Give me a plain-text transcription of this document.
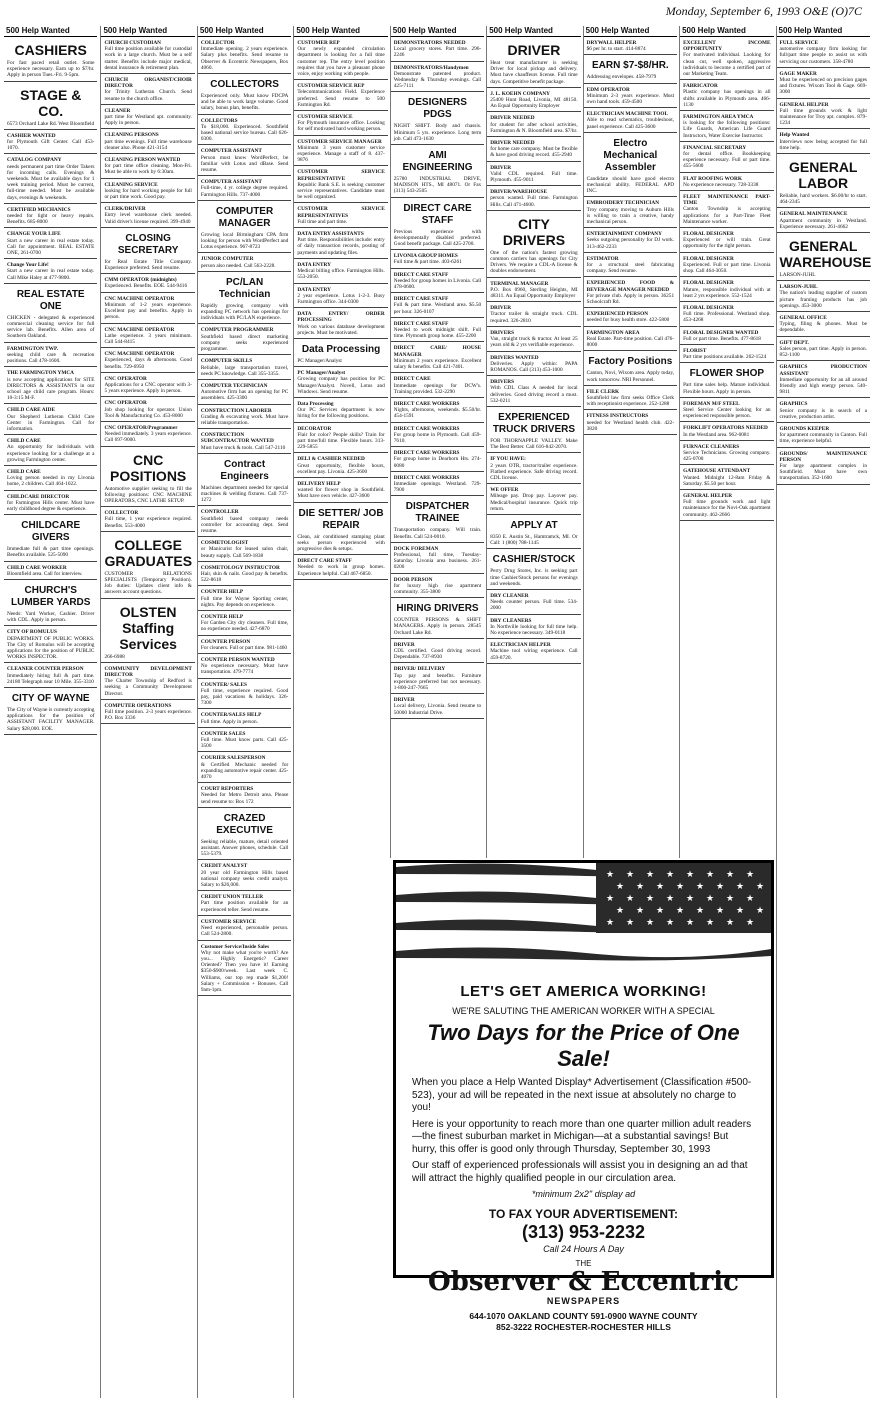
Monday, September 6, 1993 O&E (O)7C
500 Help Wanted
CASHIERS
For fast paced retail outlet. Some experience necessary. Earn up to $7/hr. Apply in person Tues.-Fri. 9-5pm.
STAGE & CO.
6573 Orchard Lake Rd. West Bloomfield
CASHIER WANTED
for Plymouth Gift Center. Call 453-1070.
CATALOG COMPANY
needs permanent part time Order Takers for incoming calls. Evenings & weekends. Must be available days for 1 week training period. Must be current, full-time needed. Must be available days, evenings & weekends.
CERTIFIED MECHANICS
needed for light or heavy repairs. Benefits. 685-8000
CHANGE YOUR LIFE
Start a new career in real estate today. Call for appointment. REAL ESTATE ONE, 261-0700
Change Your Life!
Start a new career in real estate today. Call Mike Haley at 477-9800.
REAL ESTATE ONE
CHICKEN - delegated & experienced commercial cleaning service for full service lab. Benefits. Allen area of Southern Oakland.
FARMINGTON TWP.
seeking child care & recreation positions. Call 478-1600.
THE FARMINGTON YMCA
is now accepting applications for SITE DIRECTORS & ASSISTANTS in our school age child care program. Hours: 10-3:15 M-F.
CHILD CARE AIDE
Our Shepherd Lutheran Child Care Center in Farmington. Call for information.
CHILD CARE
An opportunity for individuals with experience looking for a challenge at a growing Farmington center.
CHILD CARE
Loving person needed in my Livonia home, 2 children. Call 464-1022.
CHILDCARE DIRECTOR
for Farmington Hills center. Must have early childhood degree & experience.
CHILDCARE GIVERS
Immediate full & part time openings. Benefits available. 525-5090
CHILD CARE WORKER
Bloomfield area. Call for interview.
CHURCH'S LUMBER YARDS
Needs: Yard Worker, Cashier. Driver with CDL. Apply in person.
CITY OF ROMULUS
DEPARTMENT OF PUBLIC WORKS. The City of Romulus will be accepting applications for the position of PUBLIC WORKS INSPECTOR.
CLEANER COUNTER PERSON
Immediately hiring full & part time. 24180 Telegraph near 10 Mile. 355-3310
CITY OF WAYNE
The City of Wayne is currently accepting applications for the position of ASSISTANT FACILITY MANAGER. Salary $28,000. EOE.
500 Help Wanted
CHURCH CUSTODIAN
Full time position available for custodial work in a large church. Must be a self starter. Benefits include major medical, dental insurance & retirement plan.
CHURCH ORGANIST/CHOIR DIRECTOR
for Trinity Lutheran Church. Send resume to the church office.
CLEANER
part time for Westland apt. community. Apply in person.
CLEANING PERSONS
part time evenings. Full time warehouse cleaner also. Phone 421-3154
CLEANING PERSON WANTED
for part time office cleaning. Mon-Fri. Must be able to work by 6:30am.
CLEANING SERVICE
looking for hard working people for full or part time work. Good pay.
CLERK/DRIVER
Entry level warehouse clerk needed. Valid driver's license required. 399-4940
CLOSING SECRETARY
for Real Estate Title Company. Experience preferred. Send resume.
CMM OPERATOR (midnights)
Experienced. Benefits. EOE. 544-9416
CNC MACHINE OPERATOR
Minimum of 1-2 years experience. Excellent pay and benefits. Apply in person.
CNC MACHINE OPERATOR
Lathe experience. 3 years minimum. Call 544-8415
CNC MACHINE OPERATOR
Experienced, days & afternoons. Good benefits. 729-6950
CNC OPERATOR
Applications for a CNC operator with 3-5 years experience. Apply in person.
CNC OPERATOR
Job shop looking for operator. Union Tool & Manufacturing Co. 453-8000
CNC OPERATOR/Programmer
Needed immediately. 3 years experience. Call 697-9000.
CNC POSITIONS
Automotive supplier seeking to fill the following positions: CNC MACHINE OPERATORS, CNC LATHE SETUP.
COLLECTOR
Full time, 1 year experience required. Benefits. 553-4000
COLLEGE GRADUATES
CUSTOMER RELATIONS SPECIALISTS (Temporary Position). Job duties: Updates client info & answers account questions.
OLSTEN Staffing Services
266-6988
COMMUNITY DEVELOPMENT DIRECTOR
The Charter Township of Redford is seeking a Community Development Director.
COMPUTER OPERATIONS
Full time position. 2-3 years experience. P.O. Box 3336
500 Help Wanted
COLLECTOR
Immediate opening. 2 years experience. Salary plus benefits. Send resume to Observer & Eccentric Newspapers, Box 4060.
COLLECTORS
Experienced only. Must know FDCPA and be able to work large volume. Good salary, bonus plan, benefits.
COLLECTORS
To $18,000. Experienced. Southfield based national service bureau. Call 626-0300.
COMPUTER ASSISTANT
Person must know WordPerfect, be familiar with Lotus and dBase. Send resume.
COMPUTER ASSISTANT
Full-time, 4 yr. college degree required. Farmington Hills. 737-4000
COMPUTER MANAGER
Growing local Birmingham CPA firm looking for person with WordPerfect and Lotus experience. 967-8723
JUNIOR COMPUTER
person also needed. Call 563-2228.
PC/LAN Technician
Rapidly growing company with expanding PC network has openings for individuals with PC/LAN experience.
COMPUTER PROGRAMMER
Southfield based direct marketing company seeks experienced programmer.
COMPUTER SKILLS
Reliable, large transportation travel, needs PC knowledge. Call 355-3355.
COMPUTER TECHNICIAN
Automotive firm has an opening for PC assemblers. 425-3300
CONSTRUCTION LABORER
Grading & excavating work. Must have reliable transportation.
CONSTRUCTION SUBCONTRACTOR WANTED
Must have truck & tools. Call 547-2110
Contract Engineers
Machines department needed for special machines & welding fixtures. Call 737-1272
CONTROLLER
Southfield based company needs controller for accounting dept. Send resume.
COSMETOLOGIST
or Manicurist for leased salon chair, beauty supply. Call 569-1838
COSMETOLOGY INSTRUCTOR
Hair, skin & nails. Good pay & benefits. 522-8618
COUNTER HELP
Full time for Wayne Sporting center, nights. Pay depends on experience.
COUNTER HELP
For Garden City dry cleaners. Full time, no experience needed. 427-6870
COUNTER PERSON
For cleaners. Full or part time. 981-1460
COUNTER PERSON WANTED
No experience necessary. Must have transportation. 479-7774
COUNTER/ SALES
Full time, experience required. Good pay, paid vacations & holidays. 326-7300
COUNTER/SALES HELP
Full time. Apply in person.
COUNTER SALES
Full time. Must know parts. Call 425-3500
COURIER SALESPERSON
& Certified Mechanic needed for expanding automotive repair center. 425-4070
COURT REPORTERS
Needed for Metro Detroit area. Please send resume to: Box 172
CRAZED EXECUTIVE
Seeking reliable, mature, detail oriented assistant. Answer phones, schedule. Call 553-5379.
CREDIT ANALYST
20 year old Farmington Hills based national company seeks credit analyst. Salary to $26,000.
CREDIT UNION TELLER
Part time position available for an experienced teller. Send resume.
CUSTOMER SERVICE
Need experienced, personable person. Call 524-2800.
Customer Service/Inside Sales
Why not make what you're worth? Are you... Highly Energetic? Career Oriented? Then you have it! Earning $350-$900/week. Last week C. Williams, our top rep made $1,200! Salary + Commission + Bonuses. Call 9am-1pm.
500 Help Wanted
CUSTOMER REP
Our newly expanded circulation department is looking for a full time customer rep. The entry level position requires that you have a pleasant phone voice, enjoy working with people.
CUSTOMER SERVICE REP
Telecommunications Field. Experience preferred. Send resume to 500 Farmington Rd.
CUSTOMER SERVICE
For Plymouth insurance office. Looking for self motivated hard working person.
CUSTOMER SERVICE MANAGER
Minimum 3 years customer service experience. Manage a staff of 8. 437-9876
CUSTOMER SERVICE REPRESENTATIVE
Republic Bank S.E. is seeking customer service representatives. Candidate must be well organized.
CUSTOMER SERVICE REPRESENTATIVES
Full time and part time.
DATA ENTRY ASSISTANTS
Part time. Responsibilities include: entry of daily transaction records, posting of payments and updating files.
DATA ENTRY
Medical billing office. Farmington Hills. 553-2050.
DATA ENTRY
2 year experience. Lotus 1-2-3. Busy Farmington office. 344-0300
DATA ENTRY/ ORDER PROCESSING
Work on various database development projects. Must be motivated.
Data Processing
PC Manager/Analyst
PC Manager/Analyst
Growing company has position for PC Manager/Analyst. Novell, Lotus and Windows. Send resume.
Data Processing
Our PC Services department is now hiring for the following positions.
DECORATOR
Flair for color? People skills? Train for part time/full time. Flexible hours. 313-229-5855
DELI & CASHIER NEEDED
Great opportunity, flexible hours, excellent pay. Livonia. 425-3600
DELIVERY HELP
wanted for flower shop in Southfield. Must have own vehicle. 427-3600
DIE SETTER/ JOB REPAIR
Clean, air conditioned stamping plant seeks person experienced with progressive dies & setups.
DIRECT CARE STAFF
Needed to work in group homes. Experience helpful. Call 467-6850.
500 Help Wanted
DEMONSTRATORS NEEDED
Local grocery stores. Part time. 296-2246
DEMONSTRATORS/Handymen
Demonstrate patented product. Wednesday & Thursday evenings. Call 425-7111
DESIGNERS PDGS
NIGHT SHIFT. Body and chassis. Minimum 5 yrs. experience. Long term job. Call 473-1630
AMI ENGINEERING
25780 INDUSTRIAL DRIVE, MADISON HTS., MI 48071. Or Fax (313) 543-2505
DIRECT CARE STAFF
Previous experience with developmentally disabled preferred. Good benefit package. Call 425-2700.
LIVONIA GROUP HOMES
Full time & part time. 403-6261
DIRECT CARE STAFF
Needed for group homes in Livonia. Call 478-0600.
DIRECT CARE STAFF
Full & part time. Westland area. $5.50 per hour. 326-0107
DIRECT CARE STAFF
Needed to work midnight shift. Full time. Plymouth group home. 455-2200
DIRECT CARE/ HOUSE MANAGER
Minimum 2 years experience. Excellent salary & benefits. Call 421-7401.
DIRECT CARE
Immediate openings for DCW's. Training provided. 532-2290
DIRECT CARE WORKERS
Nights, afternoons, weekends. $5.50/hr. 454-1591
DIRECT CARE WORKERS
For group home in Plymouth. Call 459-7610.
DIRECT CARE WORKERS
For group home in Dearborn Hts. 274-0080
DIRECT CARE WORKERS
Immediate openings. Westland. 729-7900
DISPATCHER TRAINEE
Transportation company. Will train. Benefits. Call 524-0010.
DOCK FOREMAN
Professional, full time, Tuesday-Saturday. Livonia area business. 261-0200
DOOR PERSON
for luxury high rise apartment community. 355-3800
HIRING DRIVERS
COUNTER PERSONS & SHIFT MANAGERS. Apply in person. 28545 Orchard Lake Rd.
DRIVER
CDL certified. Good driving record. Dependable. 737-8930
DRIVER/ DELIVERY
Top pay and benefits. Furniture experience preferred but not necessary. 1-800-247-7665
DRIVER
Local delivery, Livonia. Send resume to 50000 Industrial Drive.
500 Help Wanted
DRIVER
Heat treat manufacturer is seeking Driver for local pickup and delivery. Must have chauffeurs license. Full time days. Competitive benefit package.
J. L. KOEHN COMPANY
25400 Hunt Road, Livonia, MI 48150. An Equal Opportunity Employer
DRIVER NEEDED
for student for after school activities, Farmington & N. Bloomfield area. $7/hr.
DRIVER NEEDED
for home care company. Must be flexible & have good driving record. 455-2940
DRIVER
Valid CDL required. Full time. Plymouth. 455-9011
DRIVER/WAREHOUSE
person wanted. Full time. Farmington Hills. Call 471-4600.
CITY DRIVERS
One of the nation's fastest growing common carriers has openings for City Drivers. We require a CDL-A license & doubles endorsement.
TERMINAL MANAGER
P.O. Box 0960, Sterling Heights, MI 48311. An Equal Opportunity Employer
DRIVER
Tractor trailer & straight truck. CDL required. 326-2810
DRIVERS
Van, straight truck & tractor. At least 25 years old & 2 yrs verifiable experience.
DRIVERS WANTED
Deliveries. Apply within: PAPA ROMANOS. Call (313) 453-1000
DRIVERS
With CDL Class A needed for local deliveries. Good driving record a must. 532-0211
EXPERIENCED TRUCK DRIVERS
FOR THORNAPPLE VALLEY. Make The Best Better. Call 616-842-2070.
IF YOU HAVE:
2 years OTR, tractor/trailer experience. Flatbed experience. Safe driving record. CDL license.
WE OFFER
Mileage pay. Drop pay. Layover pay. Medical/hospital insurance. Quick trip return.
APPLY AT
8350 E. Austin St., Hamtramck, MI. Or Call: 1 (800) 788-1145
CASHIER/STOCK
Perry Drug Stores, Inc. is seeking part time Cashier/Stock persons for evenings and weekends.
DRY CLEANER
Needs counter person. Full time. 534-2000
DRY CLEANERS
In Northville looking for full time help. No experience necessary. 349-0118
ELECTRICIAN HELPER
Machine tool wiring experience. Call 459-8720.
500 Help Wanted
DRYWALL HELPER
$6 per hr. to start. 414-8874
EARN $7-$8/HR.
Addressing envelopes. 458-7979
EDM OPERATOR
Minimum 2-3 years experience. Must own hand tools. 459-4500
ELECTRICIAN MACHINE TOOL
Able to read schematics, troubleshoot, panel experience. Call 425-3600
Electro Mechanical Assembler
Candidate should have good electro mechanical ability. FEDERAL APD INC.
EMBROIDERY TECHNICIAN
Troy company moving to Auburn Hills is willing to train a creative, handy mechanical person.
ENTERTAINMENT COMPANY
Seeks outgoing personality for DJ work. 313-462-2233
ESTIMATOR
for a structural steel fabricating company. Send resume.
EXPERIENCED FOOD & BEVERAGE MANAGER NEEDED
For private club. Apply in person. 36251 Schoolcraft Rd.
EXPERIENCED PERSON
needed for busy health store. 422-5800
FARMINGTON AREA
Real Estate. Part-time position. Call 476-8000
Factory Positions
Canton, Novi, Wixom area. Apply today, work tomorrow. NRI Personnel.
FILE CLERK
Southfield law firm seeks Office Clerk with receptionist experience. 252-1288
FITNESS INSTRUCTORS
needed for Westland health club. 422-3820
500 Help Wanted
EXCELLENT INCOME OPPORTUNITY
For motivated individual. Looking for clean cut, well spoken, aggressive individuals to become a certified part of our Marketing Team.
FABRICATOR
Plastic company has openings in all shifts available in Plymouth area. 466-1130
FARMINGTON AREA YMCA
is looking for the following positions: Life Guards, American Life Guard Instructors, Water Exercise Instructor.
FINANCIAL SECRETARY
for dental office. Bookkeeping experience necessary. Full or part time. 455-5600
FLAT ROOFING WORK
No experience necessary. 728-3338
FLEET MAINTENANCE PART-TIME
Canton Township is accepting applications for a Part-Time Fleet Maintenance worker.
FLORAL DESIGNER
Experienced or will train. Great opportunity for the right person.
FLORAL DESIGNER
Experienced. Full or part time. Livonia shop. Call 464-3050.
FLORAL DESIGNER
Mature, responsible individual with at least 2 yrs experience. 552-1524
FLORAL DESIGNER
Full time. Professional. Westland shop. 453-4268
FLORAL DESIGNER WANTED
Full or part time. Benefits. 477-8618
FLORIST
Part time positions available. 262-1524
FLOWER SHOP
Part time sales help. Mature individual. Flexible hours. Apply in person.
FOREMAN M/F STEEL
Steel Service Center looking for an experienced responsible person.
FORKLIFT OPERATORS NEEDED
In the Westland area. 962-0081
FURNACE CLEANERS
Service Technicians. Growing company. 425-0700
GATEHOUSE ATTENDANT
Wanted. Midnight 12-8am Friday & Saturday. $5.50 per hour.
GENERAL HELPER
Full time grounds work and light maintenance for the Novi-Oak apartment community. 462-2666
500 Help Wanted
FULL SERVICE
automotive company firm looking for full/part time people to assist us with servicing our customers. 358-4780
GAGE MAKER
Must be experienced on precision gages and fixtures. Wixom Tool & Gage. 669-3000
GENERAL HELPER
Full time grounds work & light maintenance for Troy apt. complex. 879-1234
Help Wanted
Interviews now being accepted for full time help.
GENERAL LABOR
Reliable, hard workers. $6.00/hr to start. 464-2345
GENERAL MAINTENANCE
Apartment community in Westland. Experience necessary. 261-4662
GENERAL WAREHOUSE
LARSON-JUHL
LARSON-JUHL
The nation's leading supplier of custom picture framing products has job openings. 453-3000
GENERAL OFFICE
Typing, filing & phones. Must be dependable.
GIFT DEPT.
Sales person, part time. Apply in person. 852-1100
GRAPHICS PRODUCTION ASSISTANT
Immediate opportunity for an all around friendly and high energy person. 540-9811
GRAPHICS
Senior company is in search of a creative, production artist.
GROUNDS KEEPER
for apartment community in Canton. Full time, experience helpful.
GROUNDS/ MAINTENANCE PERSON
For large apartment complex in Southfield. Must have own transportation. 352-1600
★ ★ ★ ★ ★ ★ ★ ★
★ ★ ★ ★ ★ ★ ★ ★
★ ★ ★ ★ ★ ★ ★ ★
★ ★ ★ ★ ★ ★ ★ ★
★ ★ ★ ★ ★ ★ ★ ★
LET'S GET AMERICA WORKING!
WE'RE SALUTING THE AMERICAN WORKER WITH A SPECIAL
Two Days for the Price of One Sale!
When you place a Help Wanted Display* Advertisement (Classification #500-523), your ad will be repeated in the next issue at absolutely no charge to you!
Here is your opportunity to reach more than one quarter million adult readers—the finest suburban market in Michigan—at a substantial savings! But hurry, this offer is good only through Thursday, September 30, 1993
Our staff of experienced professionals will assist you in designing an ad that will attract the highly qualified people in our circulation area.
*minimum 2x2" display ad
TO FAX YOUR ADVERTISEMENT:
(313) 953-2232
Call 24 Hours A Day
THE
Observer & Eccentric
NEWSPAPERS
644-1070 OAKLAND COUNTY 591-0900 WAYNE COUNTY
852-3222 ROCHESTER-ROCHESTER HILLS
